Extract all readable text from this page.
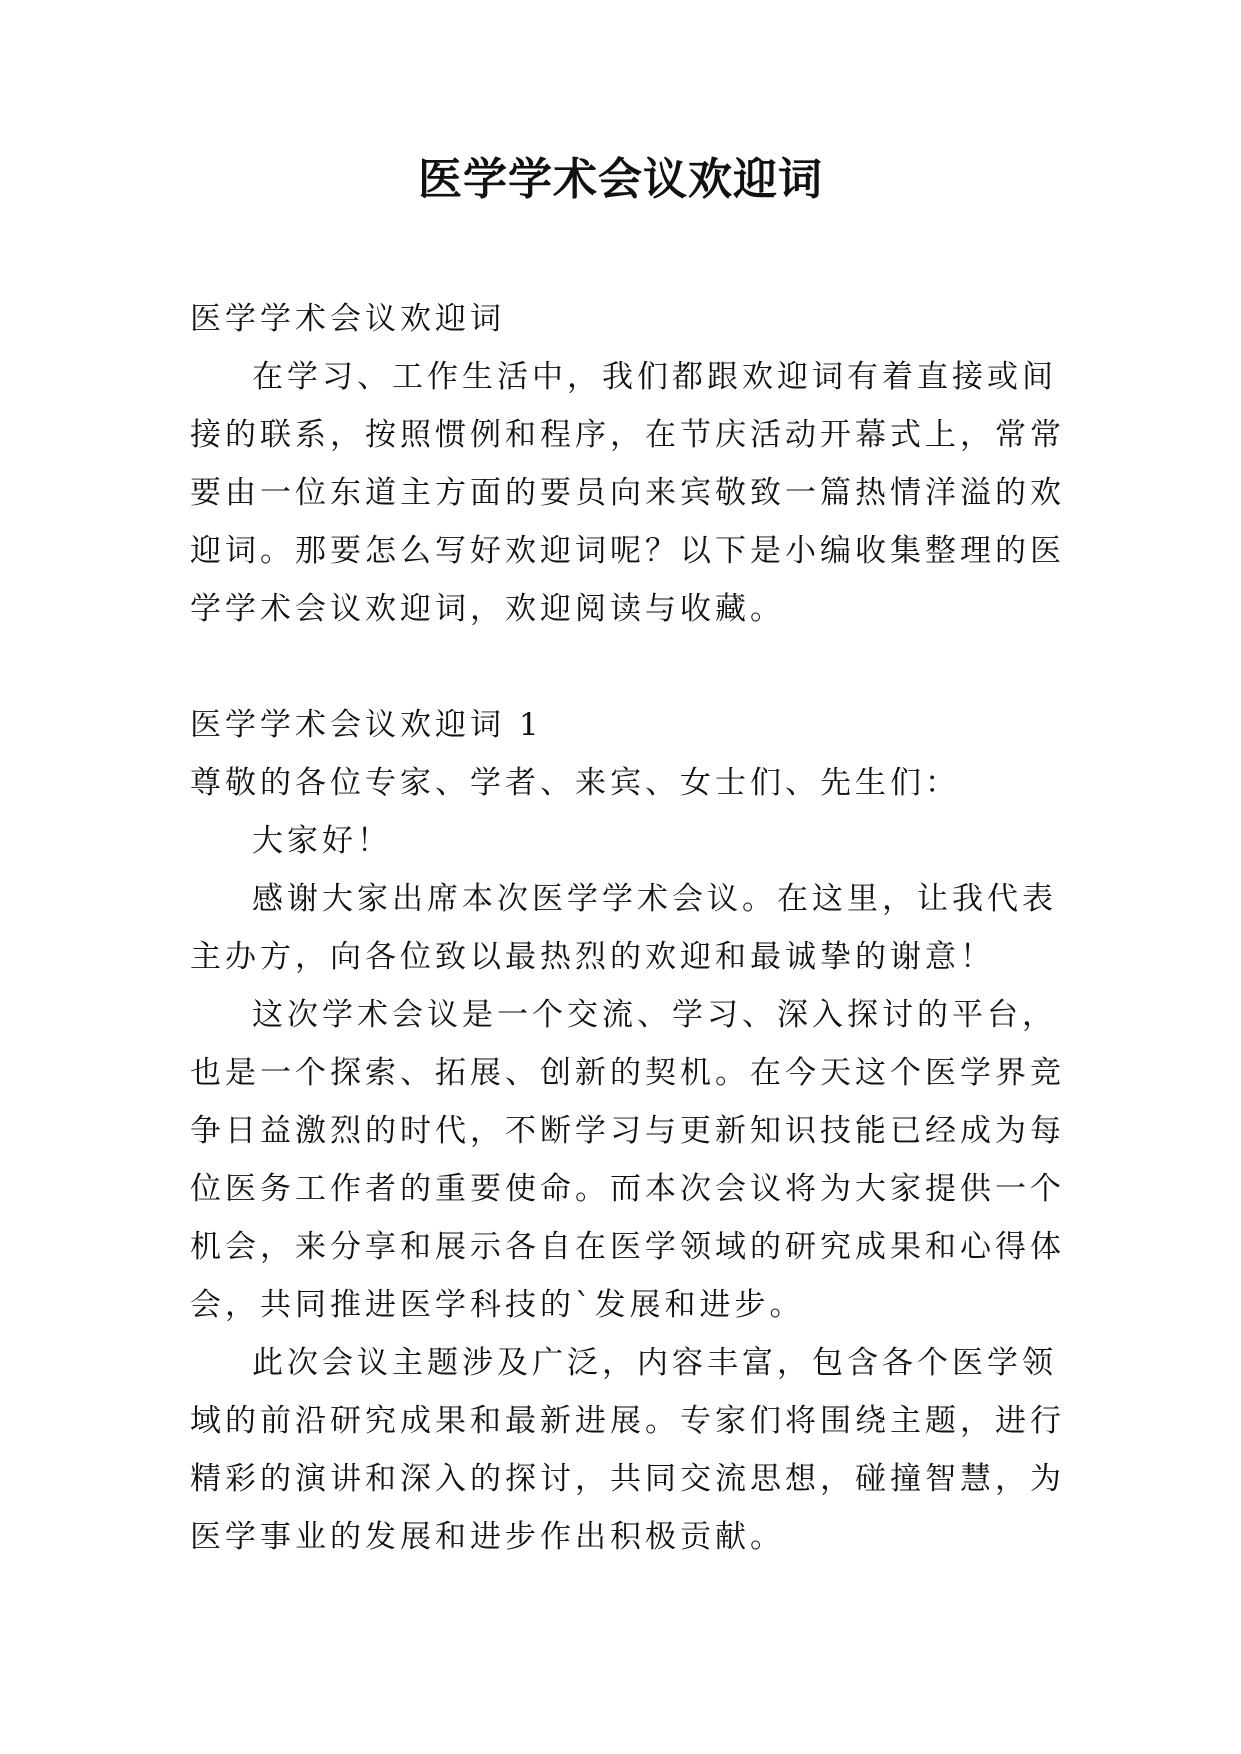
医学学术会议欢迎词

医学学术会议欢迎词

在学习、工作生活中，我们都跟欢迎词有着直接或间接的联系，按照惯例和程序，在节庆活动开幕式上，常常要由一位东道主方面的要员向来宾敬致一篇热情洋溢的欢迎词。那要怎么写好欢迎词呢？以下是小编收集整理的医学学术会议欢迎词，欢迎阅读与收藏。

医学学术会议欢迎词 1

尊敬的各位专家、学者、来宾、女士们、先生们：

大家好！

感谢大家出席本次医学学术会议。在这里，让我代表主办方，向各位致以最热烈的欢迎和最诚挚的谢意！

这次学术会议是一个交流、学习、深入探讨的平台，也是一个探索、拓展、创新的契机。在今天这个医学界竞争日益激烈的时代，不断学习与更新知识技能已经成为每位医务工作者的重要使命。而本次会议将为大家提供一个机会，来分享和展示各自在医学领域的研究成果和心得体会，共同推进医学科技的`发展和进步。

此次会议主题涉及广泛，内容丰富，包含各个医学领域的前沿研究成果和最新进展。专家们将围绕主题，进行精彩的演讲和深入的探讨，共同交流思想，碰撞智慧，为医学事业的发展和进步作出积极贡献。
